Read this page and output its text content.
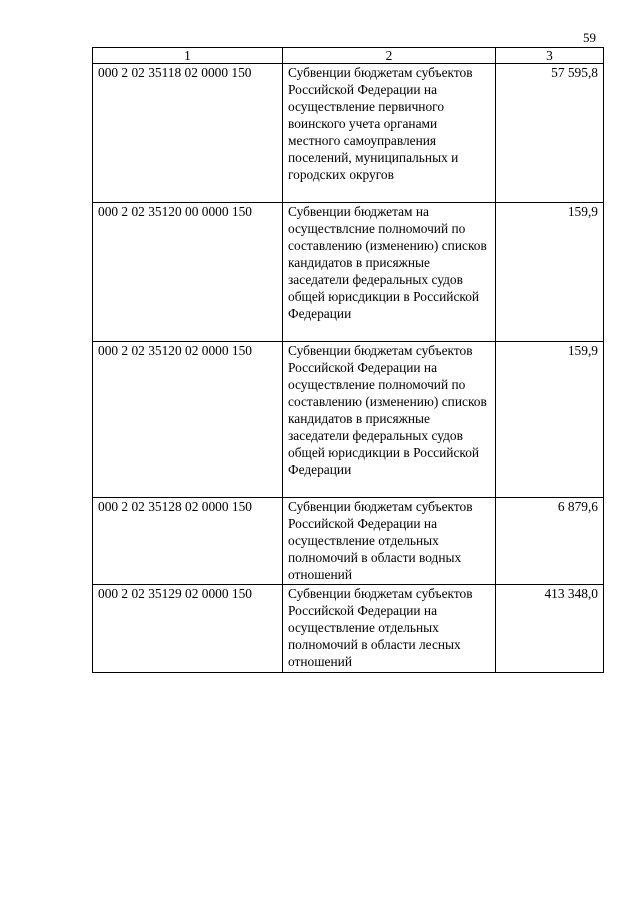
59
1	2	3
000 2 02 35118 02 0000 150	Субвенции бюджетам субъектов Российской Федерации на осуществление первичного воинского учета органами местного самоуправления поселений, муниципальных и городских округов	57 595,8
000 2 02 35120 00 0000 150	Субвенции бюджетам на осуществлсние полномочий по составлению (изменению) списков кандидатов в присяжные заседатели федеральных судов общей юрисдикции в Российской Федерации	159,9
000 2 02 35120 02 0000 150	Субвенции бюджетам субъектов Российской Федерации на осуществление полномочий по составлению (изменению) списков кандидатов в присяжные заседатели федеральных судов общей юрисдикции в Российской Федерации	159,9
000 2 02 35128 02 0000 150	Субвенции бюджетам субъектов Российской Федерации на осуществление отдельных полномочий в области водных отношений	6 879,6
000 2 02 35129 02 0000 150	Субвенции бюджетам субъектов Российской Федерации на осуществление отдельных полномочий в области лесных отношений	413 348,0
